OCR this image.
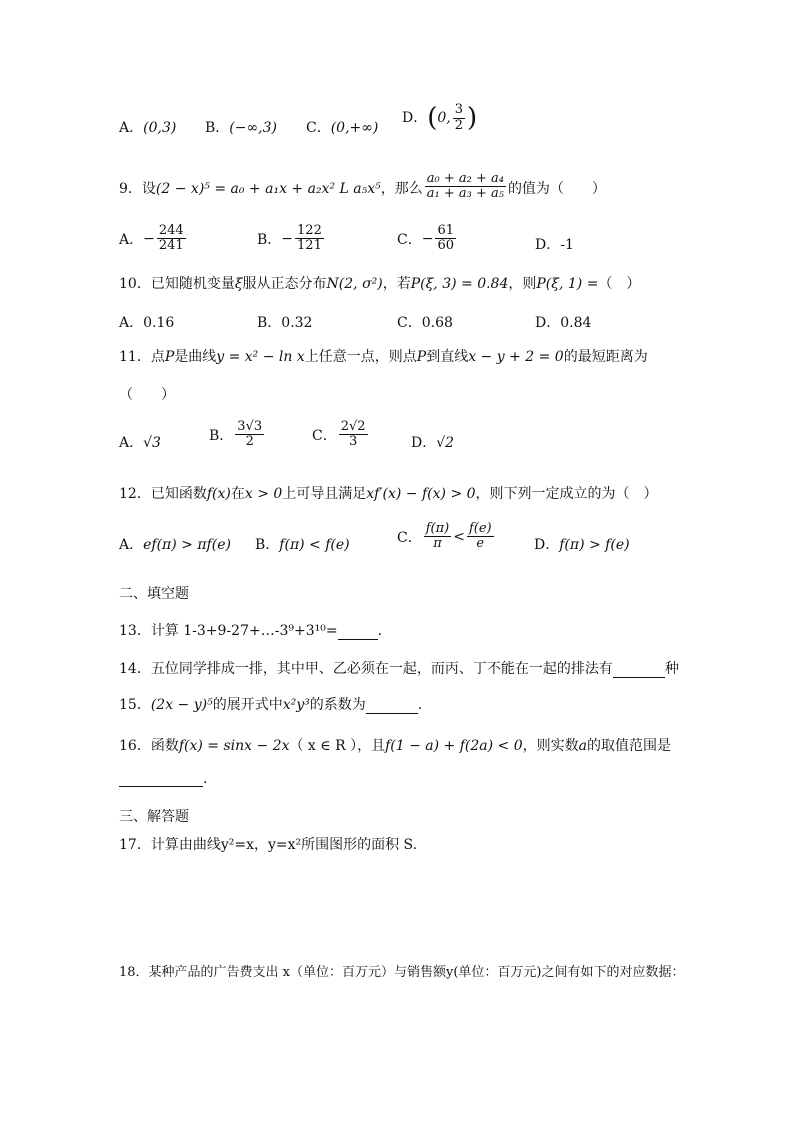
A．(0,3) B．(−∞,3) C．(0,+∞)
D．(0, $\frac{3}{2}$ )
9．设(2 − x)⁵ = a₀ + a₁x + a₂x² L a₅x⁵，那么 $\frac{\text{a₀ + a₂ + a₄}}{\text{a₁ + a₃ + a₅}}$ 的值为（　　）
A．− $\frac{244}{241}$	B．− $\frac{122}{121}$	C．− $\frac{61}{60}$	D．-1
10．已知随机变量ξ服从正态分布N(2, σ²)，若P(ξ, 3) = 0.84，则P(ξ, 1) =（　）
A．0.16	B．0.32	C．0.68	D．0.84
11．点P是曲线y = x² − ln x上任意一点，则点P到直线x − y + 2 = 0的最短距离为
（　　）
A．√3	B． $\frac{3√3}{2}$	C． $\frac{2√2}{3}$	D．√2
12．已知函数f(x)在x > 0上可导且满足xf′(x) − f(x) > 0，则下列一定成立的为（　）
A．ef(π) > πf(e) B．f(π) < f(e)	C． $\frac{f(\pi)}{\pi} < \frac{f(e)}{e}$	D．f(π) > f(e)
二、填空题
13．计算 1-3+9-27+…-3⁹+3¹⁰=	.
14．五位同学排成一排，其中甲、乙必须在一起，而丙、丁不能在一起的排法有	种
15．(2x − y)⁵的展开式中x²y³的系数为	.
16．函数f(x) = sinx − 2x（ x ∈ R ），且f(1 − a) + f(2a) < 0，则实数a的取值范围是
.
三、解答题
17．计算由曲线y²=x，y=x²所围图形的面积 S.
18．某种产品的广告费支出 x（单位：百万元）与销售额y(单位：百万元)之间有如下的对应数据：
